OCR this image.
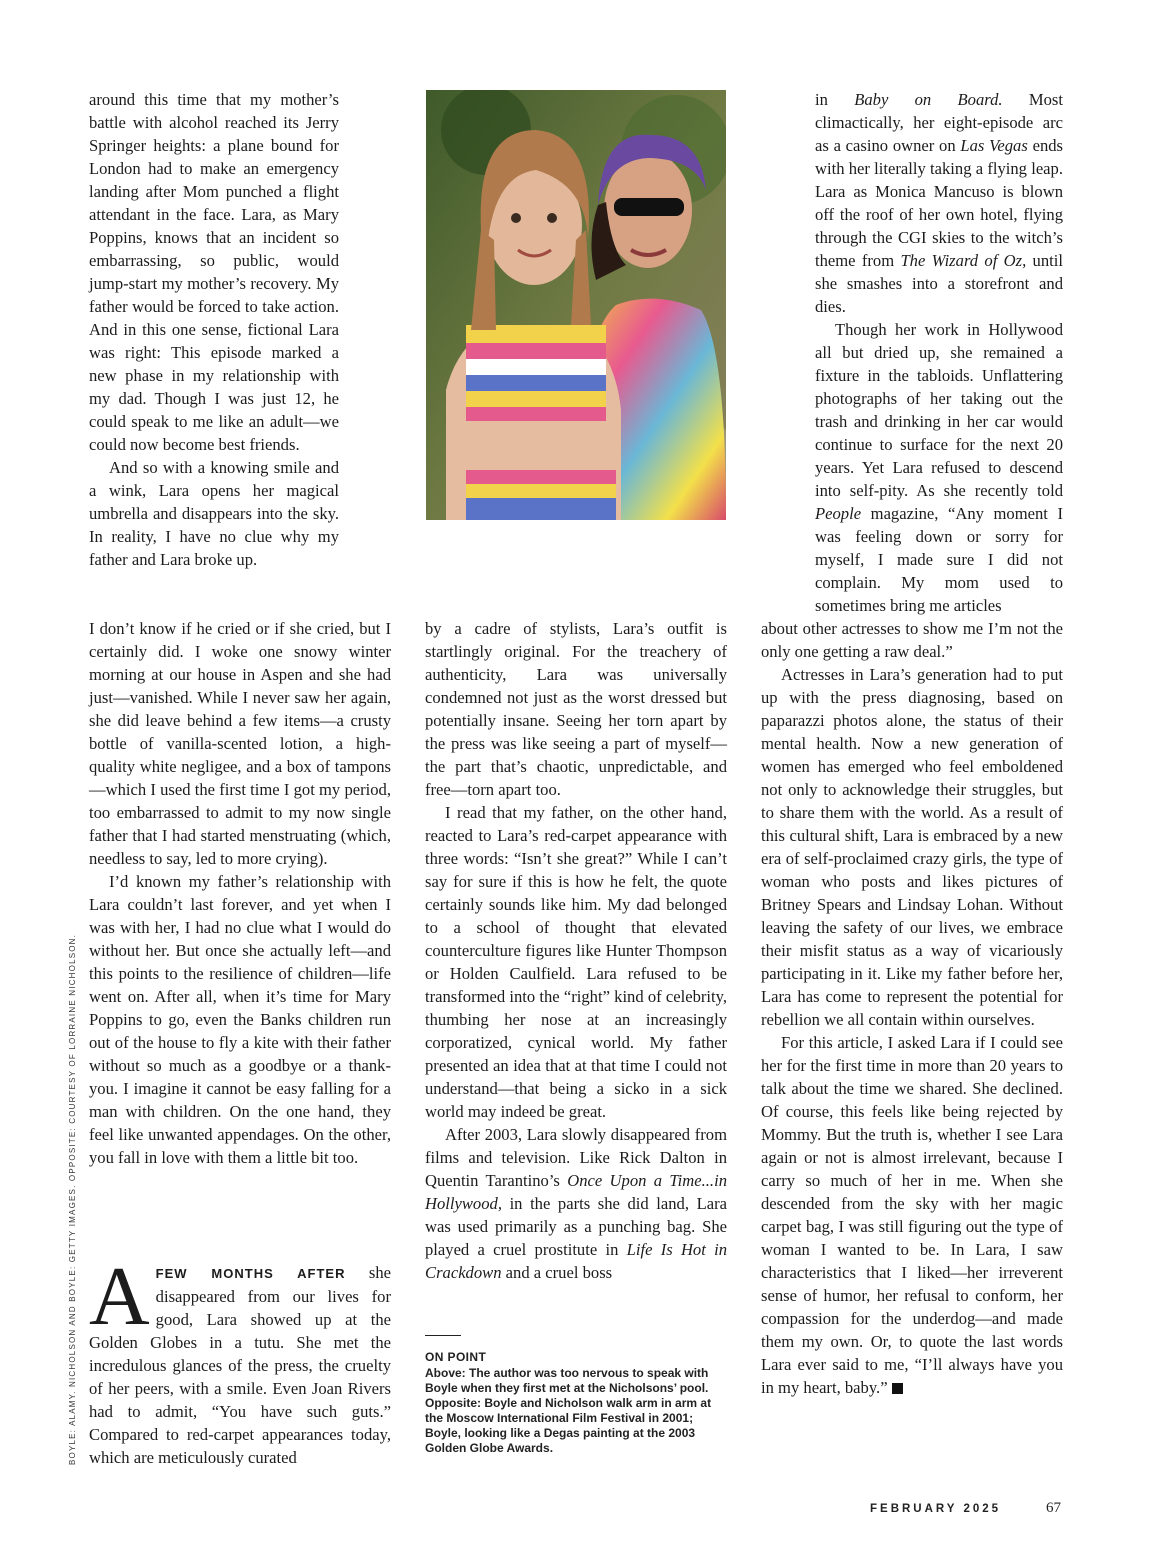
around this time that my mother’s battle with alcohol reached its Jerry Springer heights: a plane bound for London had to make an emergency landing after Mom punched a flight attendant in the face. Lara, as Mary Poppins, knows that an incident so embarrassing, so public, would jump-start my mother’s recovery. My father would be forced to take action. And in this one sense, fictional Lara was right: This episode marked a new phase in my relationship with my dad. Though I was just 12, he could speak to me like an adult—we could now become best friends.

And so with a knowing smile and a wink, Lara opens her magical umbrella and disappears into the sky. In reality, I have no clue why my father and Lara broke up.

I don’t know if he cried or if she cried, but I certainly did. I woke one snowy winter morning at our house in Aspen and she had just—vanished. While I never saw her again, she did leave behind a few items—a crusty bottle of vanilla-scented lotion, a high-quality white negligee, and a box of tampons—which I used the first time I got my period, too embarrassed to admit to my now single father that I had started menstruating (which, needless to say, led to more crying).

I’d known my father’s relationship with Lara couldn’t last forever, and yet when I was with her, I had no clue what I would do without her. But once she actually left—and this points to the resilience of children—life went on. After all, when it’s time for Mary Poppins to go, even the Banks children run out of the house to fly a kite with their father without so much as a goodbye or a thank-you. I imagine it cannot be easy falling for a man with children. On the one hand, they feel like unwanted appendages. On the other, you fall in love with them a little bit too.

AFEW MONTHS AFTER she disappeared from our lives for good, Lara showed up at the Golden Globes in a tutu. She met the incredulous glances of the press, the cruelty of her peers, with a smile. Even Joan Rivers had to admit, “You have such guts.” Compared to red-carpet appearances today, which are meticulously curated

by a cadre of stylists, Lara’s outfit is startlingly original. For the treachery of authenticity, Lara was universally condemned not just as the worst dressed but potentially insane. Seeing her torn apart by the press was like seeing a part of myself—the part that’s chaotic, unpredictable, and free—torn apart too.

I read that my father, on the other hand, reacted to Lara’s red-carpet appearance with three words: “Isn’t she great?” While I can’t say for sure if this is how he felt, the quote certainly sounds like him. My dad belonged to a school of thought that elevated counterculture figures like Hunter Thompson or Holden Caulfield. Lara refused to be transformed into the “right” kind of celebrity, thumbing her nose at an increasingly corporatized, cynical world. My father presented an idea that at that time I could not understand—that being a sicko in a sick world may indeed be great.

After 2003, Lara slowly disappeared from films and television. Like Rick Dalton in Quentin Tarantino’s Once Upon a Time...in Hollywood, in the parts she did land, Lara was used primarily as a punching bag. She played a cruel prostitute in Life Is Hot in Crackdown and a cruel boss

ON POINT

Above: The author was too nervous to speak with Boyle when they first met at the Nicholsons’ pool. Opposite: Boyle and Nicholson walk arm in arm at the Moscow International Film Festival in 2001; Boyle, looking like a Degas painting at the 2003 Golden Globe Awards.

in Baby on Board. Most climactically, her eight-episode arc as a casino owner on Las Vegas ends with her literally taking a flying leap. Lara as Monica Mancuso is blown off the roof of her own hotel, flying through the CGI skies to the witch’s theme from The Wizard of Oz, until she smashes into a storefront and dies.

Though her work in Hollywood all but dried up, she remained a fixture in the tabloids. Unflattering photographs of her taking out the trash and drinking in her car would continue to surface for the next 20 years. Yet Lara refused to descend into self-pity. As she recently told People magazine, “Any moment I was feeling down or sorry for myself, I made sure I did not complain. My mom used to sometimes bring me articles

about other actresses to show me I’m not the only one getting a raw deal.”

Actresses in Lara’s generation had to put up with the press diagnosing, based on paparazzi photos alone, the status of their mental health. Now a new generation of women has emerged who feel emboldened not only to acknowledge their struggles, but to share them with the world. As a result of this cultural shift, Lara is embraced by a new era of self-proclaimed crazy girls, the type of woman who posts and likes pictures of Britney Spears and Lindsay Lohan. Without leaving the safety of our lives, we embrace their misfit status as a way of vicariously participating in it. Like my father before her, Lara has come to represent the potential for rebellion we all contain within ourselves.

For this article, I asked Lara if I could see her for the first time in more than 20 years to talk about the time we shared. She declined. Of course, this feels like being rejected by Mommy. But the truth is, whether I see Lara again or not is almost irrelevant, because I carry so much of her in me. When she descended from the sky with her magic carpet bag, I was still figuring out the type of woman I wanted to be. In Lara, I saw characteristics that I liked—her irreverent sense of humor, her refusal to conform, her compassion for the underdog—and made them my own. Or, to quote the last words Lara ever said to me, “I’ll always have you in my heart, baby.”

BOYLE: ALAMY. NICHOLSON AND BOYLE: GETTY IMAGES. OPPOSITE: COURTESY OF LORRAINE NICHOLSON.
FEBRUARY 2025	67
